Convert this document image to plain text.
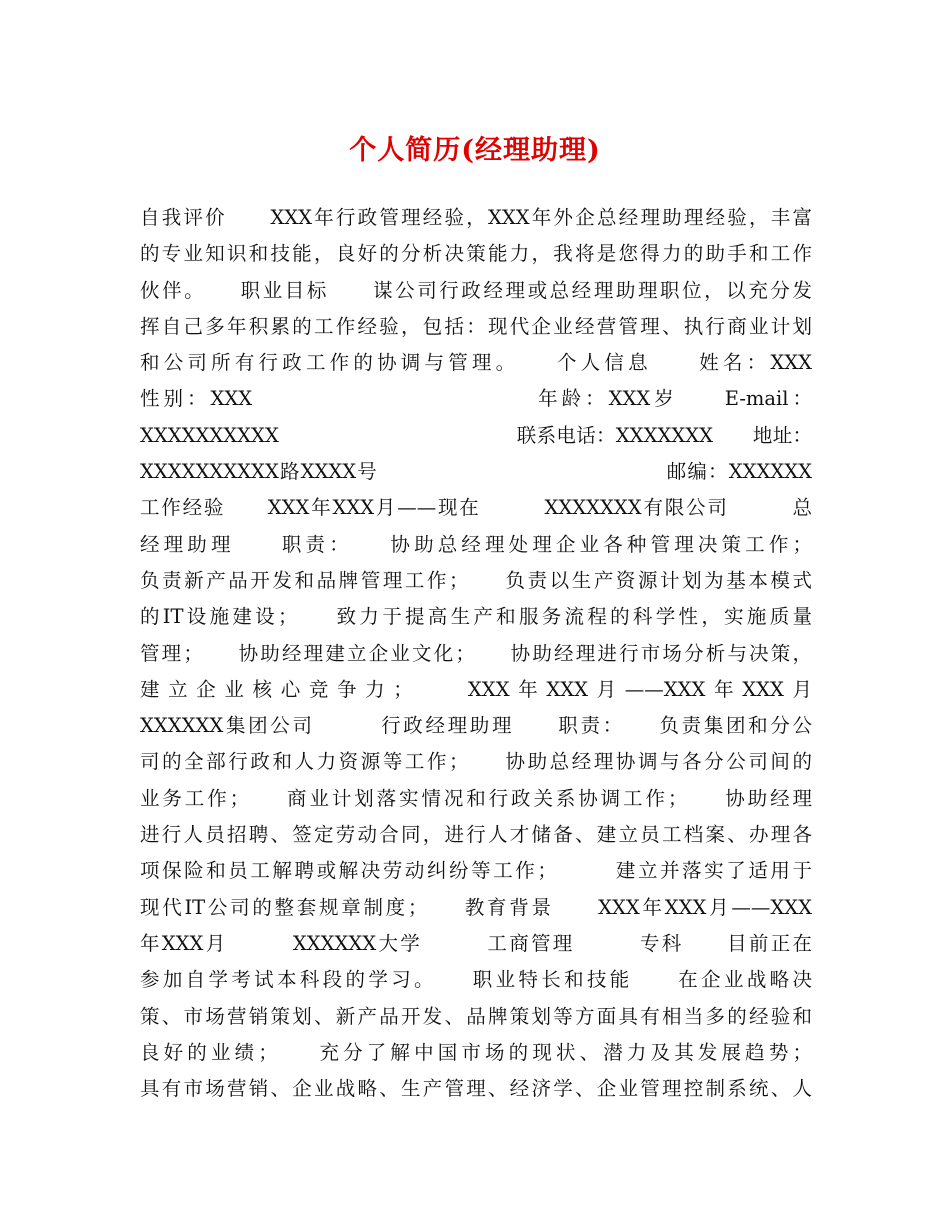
个人简历(经理助理)
自我评价　　XXX年行政管理经验，XXX年外企总经理助理经验，丰富
的专业知识和技能，良好的分析决策能力，我将是您得力的助手和工作
伙伴。　　职业目标　　谋公司行政经理或总经理助理职位，以充分发
挥自己多年积累的工作经验，包括：现代企业经营管理、执行商业计划
和公司所有行政工作的协调与管理。　　个人信息　　姓名：XXX
性别：XXX　　　　　　　　　　　　年龄：XXX岁　　E-mail：
XXXXXXXXXX　　　　　　　　　　　　联系电话：XXXXXXX　　地址：
XXXXXXXXXX路XXXX号　　　　　　　　　　　　　　邮编：XXXXXX
工作经验　　XXX年XXX月——现在　　　XXXXXXX有限公司　　　总
经理助理　　职责：　　协助总经理处理企业各种管理决策工作；
负责新产品开发和品牌管理工作；　　负责以生产资源计划为基本模式
的IT设施建设；　　致力于提高生产和服务流程的科学性，实施质量
管理；　　协助经理建立企业文化；　　协助经理进行市场分析与决策，
建立企业核心竞争力；　　XXX年XXX月——XXX年XXX月
XXXXXX集团公司　　　行政经理助理　　职责：　　负责集团和分公
司的全部行政和人力资源等工作；　　协助总经理协调与各分公司间的
业务工作；　　商业计划落实情况和行政关系协调工作；　　协助经理
进行人员招聘、签定劳动合同，进行人才储备、建立员工档案、办理各
项保险和员工解聘或解决劳动纠纷等工作；　　　建立并落实了适用于
现代IT公司的整套规章制度；　　教育背景　　XXX年XXX月——XXX
年XXX月　　　XXXXXX大学　　　工商管理　　　专科　　目前正在
参加自学考试本科段的学习。　　职业特长和技能　　在企业战略决
策、市场营销策划、新产品开发、品牌策划等方面具有相当多的经验和
良好的业绩；　　充分了解中国市场的现状、潜力及其发展趋势；
具有市场营销、企业战略、生产管理、经济学、企业管理控制系统、人
